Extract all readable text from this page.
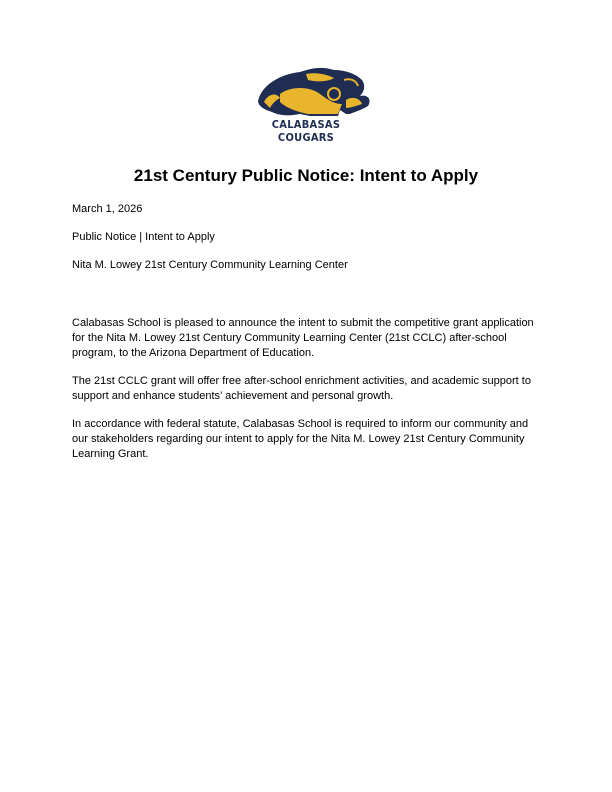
CALABASAS COUGARS
21st Century Public Notice: Intent to Apply
March 1, 2026
Public Notice | Intent to Apply
Nita M. Lowey 21st Century Community Learning Center
Calabasas School is pleased to announce the intent to submit the competitive grant application
for the Nita M. Lowey 21st Century Community Learning Center (21st CCLC) after-school
program, to the Arizona Department of Education.
The 21st CCLC grant will offer free after-school enrichment activities, and academic support to
support and enhance students’ achievement and personal growth.
In accordance with federal statute, Calabasas School is required to inform our community and
our stakeholders regarding our intent to apply for the Nita M. Lowey 21st Century Community
Learning Grant.
